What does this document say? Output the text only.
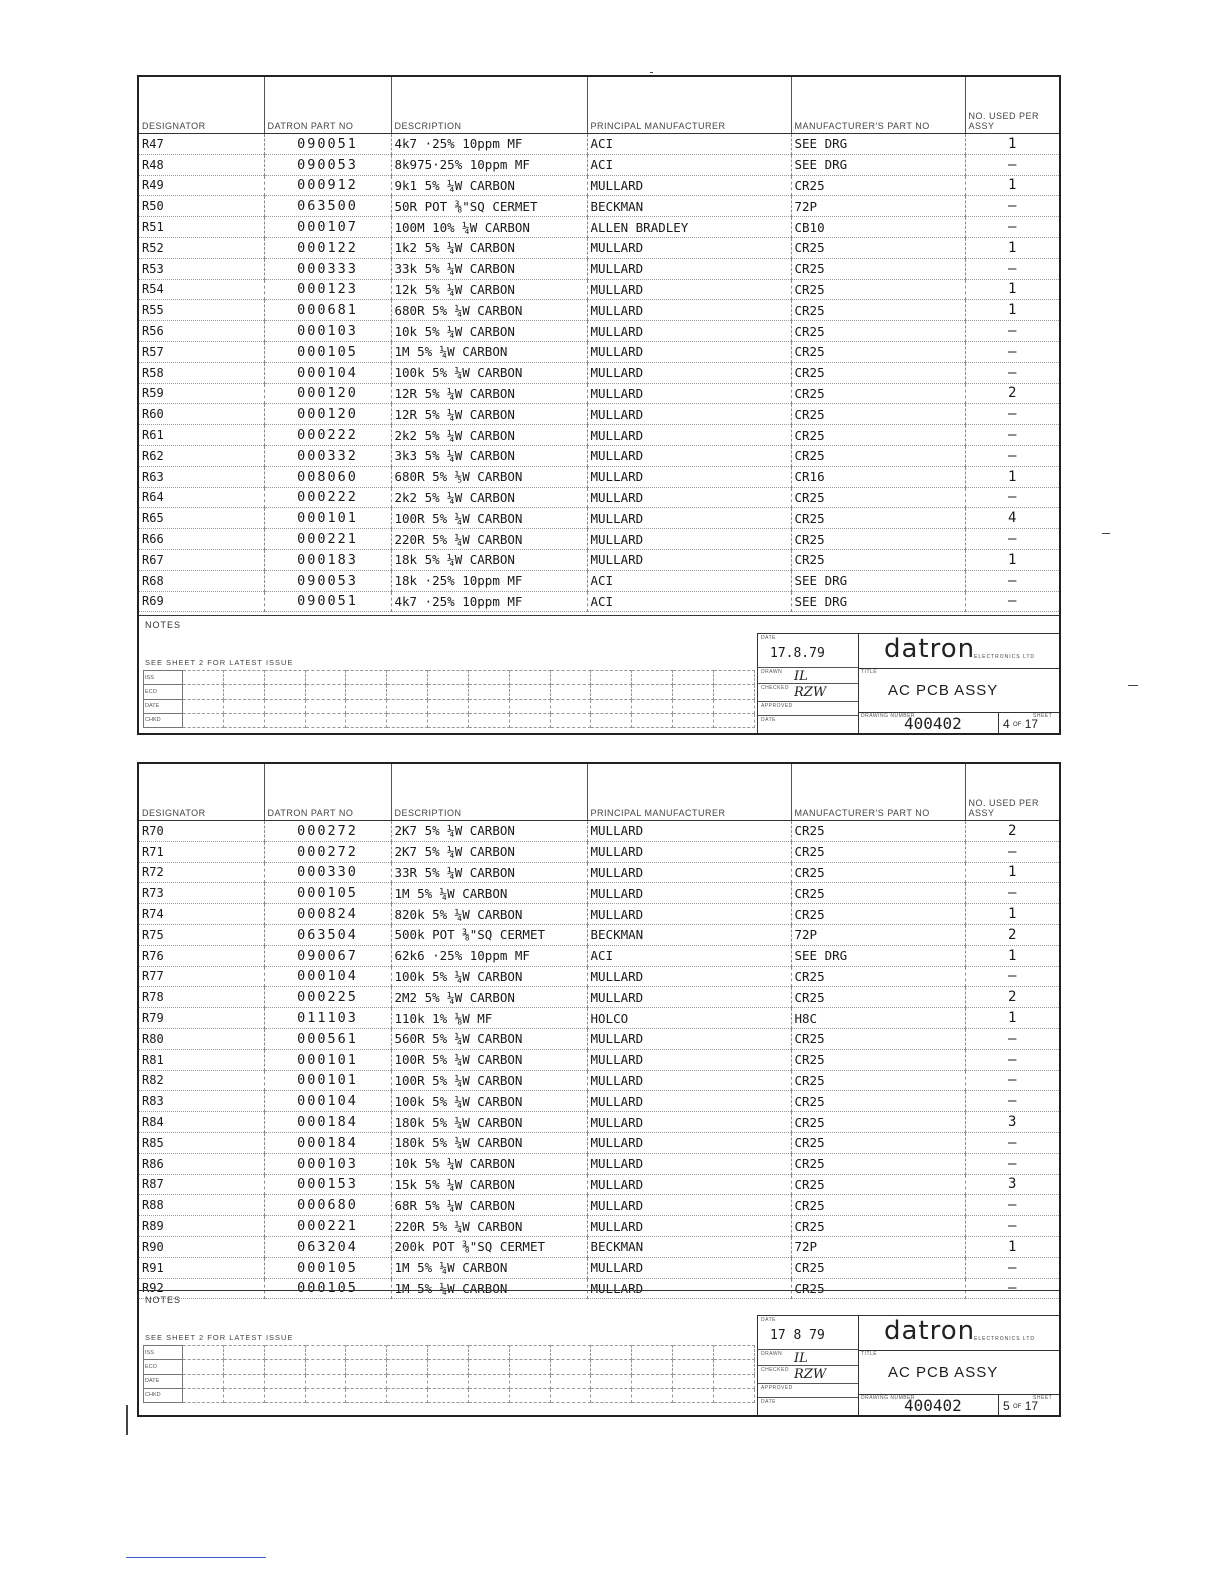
DESIGNATOR	DATRON PART NO	DESCRIPTION	PRINCIPAL MANUFACTURER	MANUFACTURER'S PART NO	NO. USED PER ASSY
R47	090051	4k7 ·25% 10ppm MF	ACI	SEE DRG	1
R48	090053	8k975·25% 10ppm MF	ACI	SEE DRG	—
R49	000912	9k1 5% ¼W CARBON	MULLARD	CR25	1
R50	063500	50R POT ⅜"SQ CERMET	BECKMAN	72P	—
R51	000107	100M 10% ¼W CARBON	ALLEN BRADLEY	CB10	—
R52	000122	1k2 5% ¼W CARBON	MULLARD	CR25	1
R53	000333	33k 5% ¼W CARBON	MULLARD	CR25	—
R54	000123	12k 5% ¼W CARBON	MULLARD	CR25	1
R55	000681	680R 5% ¼W CARBON	MULLARD	CR25	1
R56	000103	10k 5% ¼W CARBON	MULLARD	CR25	—
R57	000105	1M 5% ¼W CARBON	MULLARD	CR25	—
R58	000104	100k 5% ¼W CARBON	MULLARD	CR25	—
R59	000120	12R 5% ¼W CARBON	MULLARD	CR25	2
R60	000120	12R 5% ¼W CARBON	MULLARD	CR25	—
R61	000222	2k2 5% ¼W CARBON	MULLARD	CR25	—
R62	000332	3k3 5% ¼W CARBON	MULLARD	CR25	—
R63	008060	680R 5% ⅕W CARBON	MULLARD	CR16	1
R64	000222	2k2 5% ¼W CARBON	MULLARD	CR25	—
R65	000101	100R 5% ¼W CARBON	MULLARD	CR25	4
R66	000221	220R 5% ¼W CARBON	MULLARD	CR25	—
R67	000183	18k 5% ¼W CARBON	MULLARD	CR25	1
R68	090053	18k ·25% 10ppm MF	ACI	SEE DRG	—
R69	090051	4k7 ·25% 10ppm MF	ACI	SEE DRG	—
NOTES
SEE SHEET 2 FOR LATEST ISSUE
ISS														
ECO														
DATE														
CHKD														
DATE
17.8.79
DRAWN IL
CHECKED RZW
APPROVED
DATE
datron
ELECTRONICS LTD
TITLE
AC PCB ASSY
DRAWING NUMBER
400402	SHEET
4 OF 17
DESIGNATOR	DATRON PART NO	DESCRIPTION	PRINCIPAL MANUFACTURER	MANUFACTURER'S PART NO	NO. USED PER ASSY
R70	000272	2K7 5% ¼W CARBON	MULLARD	CR25	2
R71	000272	2K7 5% ¼W CARBON	MULLARD	CR25	—
R72	000330	33R 5% ¼W CARBON	MULLARD	CR25	1
R73	000105	1M 5% ¼W CARBON	MULLARD	CR25	—
R74	000824	820k 5% ¼W CARBON	MULLARD	CR25	1
R75	063504	500k POT ⅜"SQ CERMET	BECKMAN	72P	2
R76	090067	62k6 ·25% 10ppm MF	ACI	SEE DRG	1
R77	000104	100k 5% ¼W CARBON	MULLARD	CR25	—
R78	000225	2M2 5% ¼W CARBON	MULLARD	CR25	2
R79	011103	110k 1% ⅛W MF	HOLCO	H8C	1
R80	000561	560R 5% ¼W CARBON	MULLARD	CR25	—
R81	000101	100R 5% ¼W CARBON	MULLARD	CR25	—
R82	000101	100R 5% ¼W CARBON	MULLARD	CR25	—
R83	000104	100k 5% ¼W CARBON	MULLARD	CR25	—
R84	000184	180k 5% ¼W CARBON	MULLARD	CR25	3
R85	000184	180k 5% ¼W CARBON	MULLARD	CR25	—
R86	000103	10k 5% ¼W CARBON	MULLARD	CR25	—
R87	000153	15k 5% ¼W CARBON	MULLARD	CR25	3
R88	000680	68R 5% ¼W CARBON	MULLARD	CR25	—
R89	000221	220R 5% ¼W CARBON	MULLARD	CR25	—
R90	063204	200k POT ⅜"SQ CERMET	BECKMAN	72P	1
R91	000105	1M 5% ¼W CARBON	MULLARD	CR25	—
R92	000105	1M 5% ¼W CARBON	MULLARD	CR25	—
NOTES
SEE SHEET 2 FOR LATEST ISSUE
ISS														
ECO														
DATE														
CHKD														
DATE
17 8 79
DRAWN IL
CHECKED RZW
APPROVED
DATE
datron
ELECTRONICS LTD
TITLE
AC PCB ASSY
DRAWING NUMBER
400402	SHEET
5 OF 17
